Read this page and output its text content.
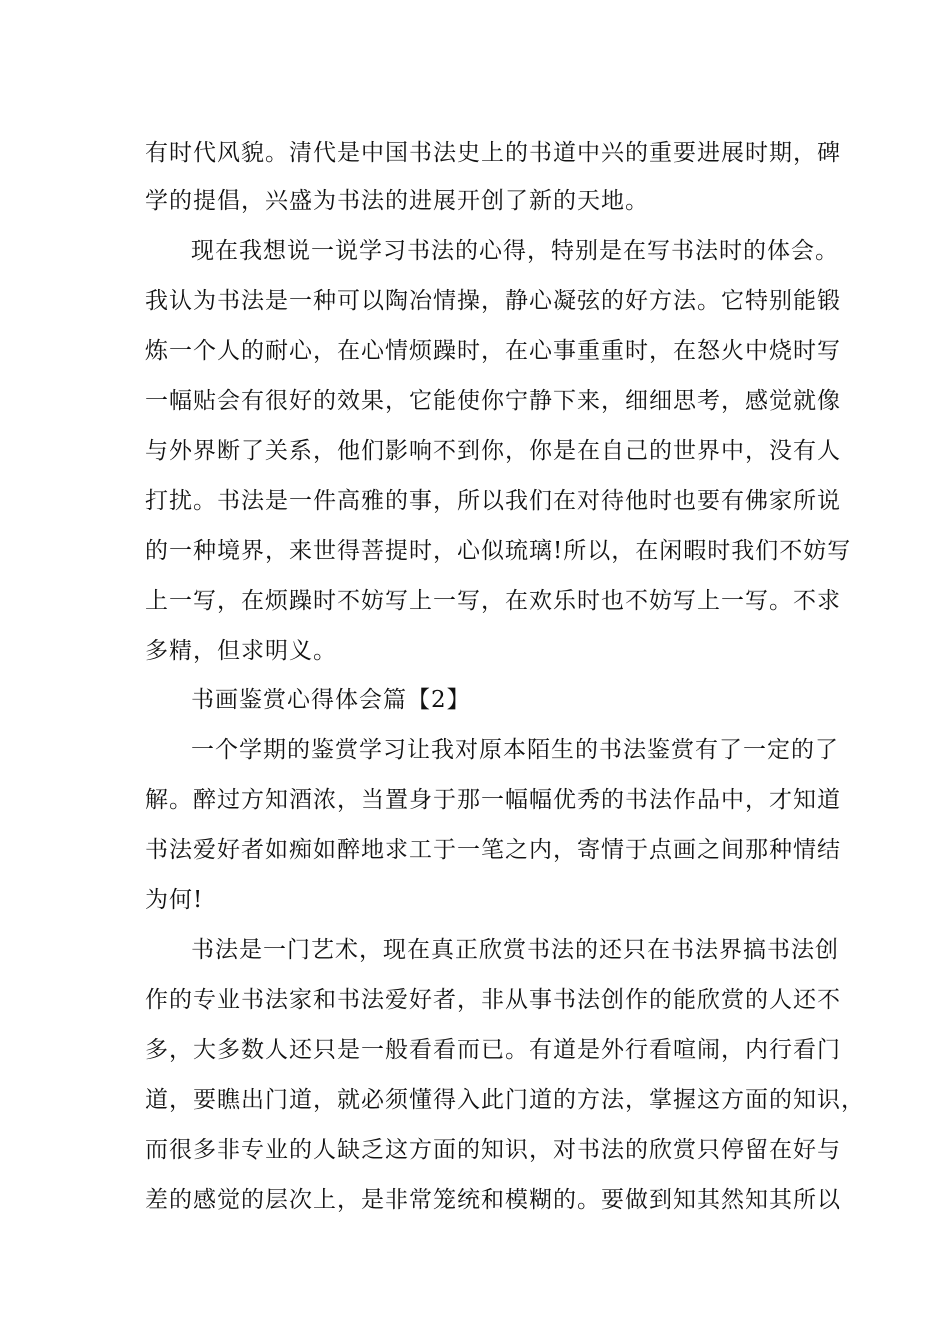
有时代风貌。清代是中国书法史上的书道中兴的重要进展时期，碑
学的提倡，兴盛为书法的进展开创了新的天地。
现在我想说一说学习书法的心得，特别是在写书法时的体会。
我认为书法是一种可以陶冶情操，静心凝弦的好方法。它特别能锻
炼一个人的耐心，在心情烦躁时，在心事重重时，在怒火中烧时写
一幅贴会有很好的效果，它能使你宁静下来，细细思考，感觉就像
与外界断了关系，他们影响不到你，你是在自己的世界中，没有人
打扰。书法是一件高雅的事，所以我们在对待他时也要有佛家所说
的一种境界，来世得菩提时，心似琉璃!所以，在闲暇时我们不妨写
上一写，在烦躁时不妨写上一写，在欢乐时也不妨写上一写。不求
多精，但求明义。
书画鉴赏心得体会篇【2】
一个学期的鉴赏学习让我对原本陌生的书法鉴赏有了一定的了
解。醉过方知酒浓，当置身于那一幅幅优秀的书法作品中，才知道
书法爱好者如痴如醉地求工于一笔之内，寄情于点画之间那种情结
为何!
书法是一门艺术，现在真正欣赏书法的还只在书法界搞书法创
作的专业书法家和书法爱好者，非从事书法创作的能欣赏的人还不
多，大多数人还只是一般看看而已。有道是外行看喧闹，内行看门
道，要瞧出门道，就必须懂得入此门道的方法，掌握这方面的知识，
而很多非专业的人缺乏这方面的知识，对书法的欣赏只停留在好与
差的感觉的层次上，是非常笼统和模糊的。要做到知其然知其所以
